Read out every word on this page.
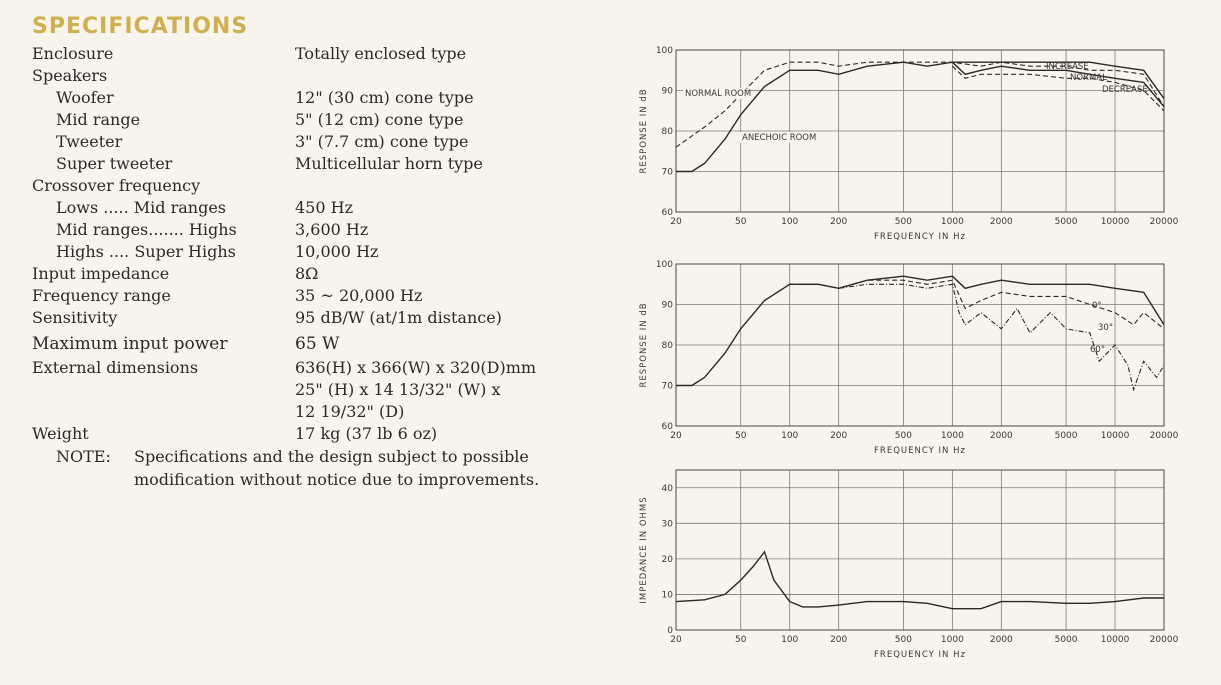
SPECIFICATIONS
Enclosure	Totally enclosed type
Speakers
Woofer	12" (30 cm) cone type
Mid range	5" (12 cm) cone type
Tweeter	3" (7.7 cm) cone type
Super tweeter	Multicellular horn type
Crossover frequency
Lows ..... Mid ranges	450 Hz
Mid ranges....... Highs	3,600 Hz
Highs .... Super Highs	10,000 Hz
Input impedance	8Ω
Frequency range	35 ~ 20,000 Hz
Sensitivity	95 dB/W (at/1m distance)
Maximum input power	65 W
External dimensions	636(H) x 366(W) x 320(D)mm
25" (H) x 14 13/32" (W) x
12 19/32" (D)
Weight	17 kg (37 lb 6 oz)
NOTE:	Specifications and the design subject to possible
modification without notice due to improvements.
20	50	100	200	500	1000	2000	5000	10000 20000
60
70
80
90
100
FREQUENCY IN Hz
RESPONSE IN dB	NORMAL ROOM
ANECHOIC ROOM
INCREASE
NORMAL
DECREASE
20	50	100	200	500	1000	2000	5000	10000 20000
60
70
80
90
100
FREQUENCY IN Hz
RESPONSE IN dB	0°
30°
60°
20	50	100	200	500	1000	2000	5000	10000 20000
0
10
20
30
40
FREQUENCY IN Hz
IMPEDANCE IN OHMS
